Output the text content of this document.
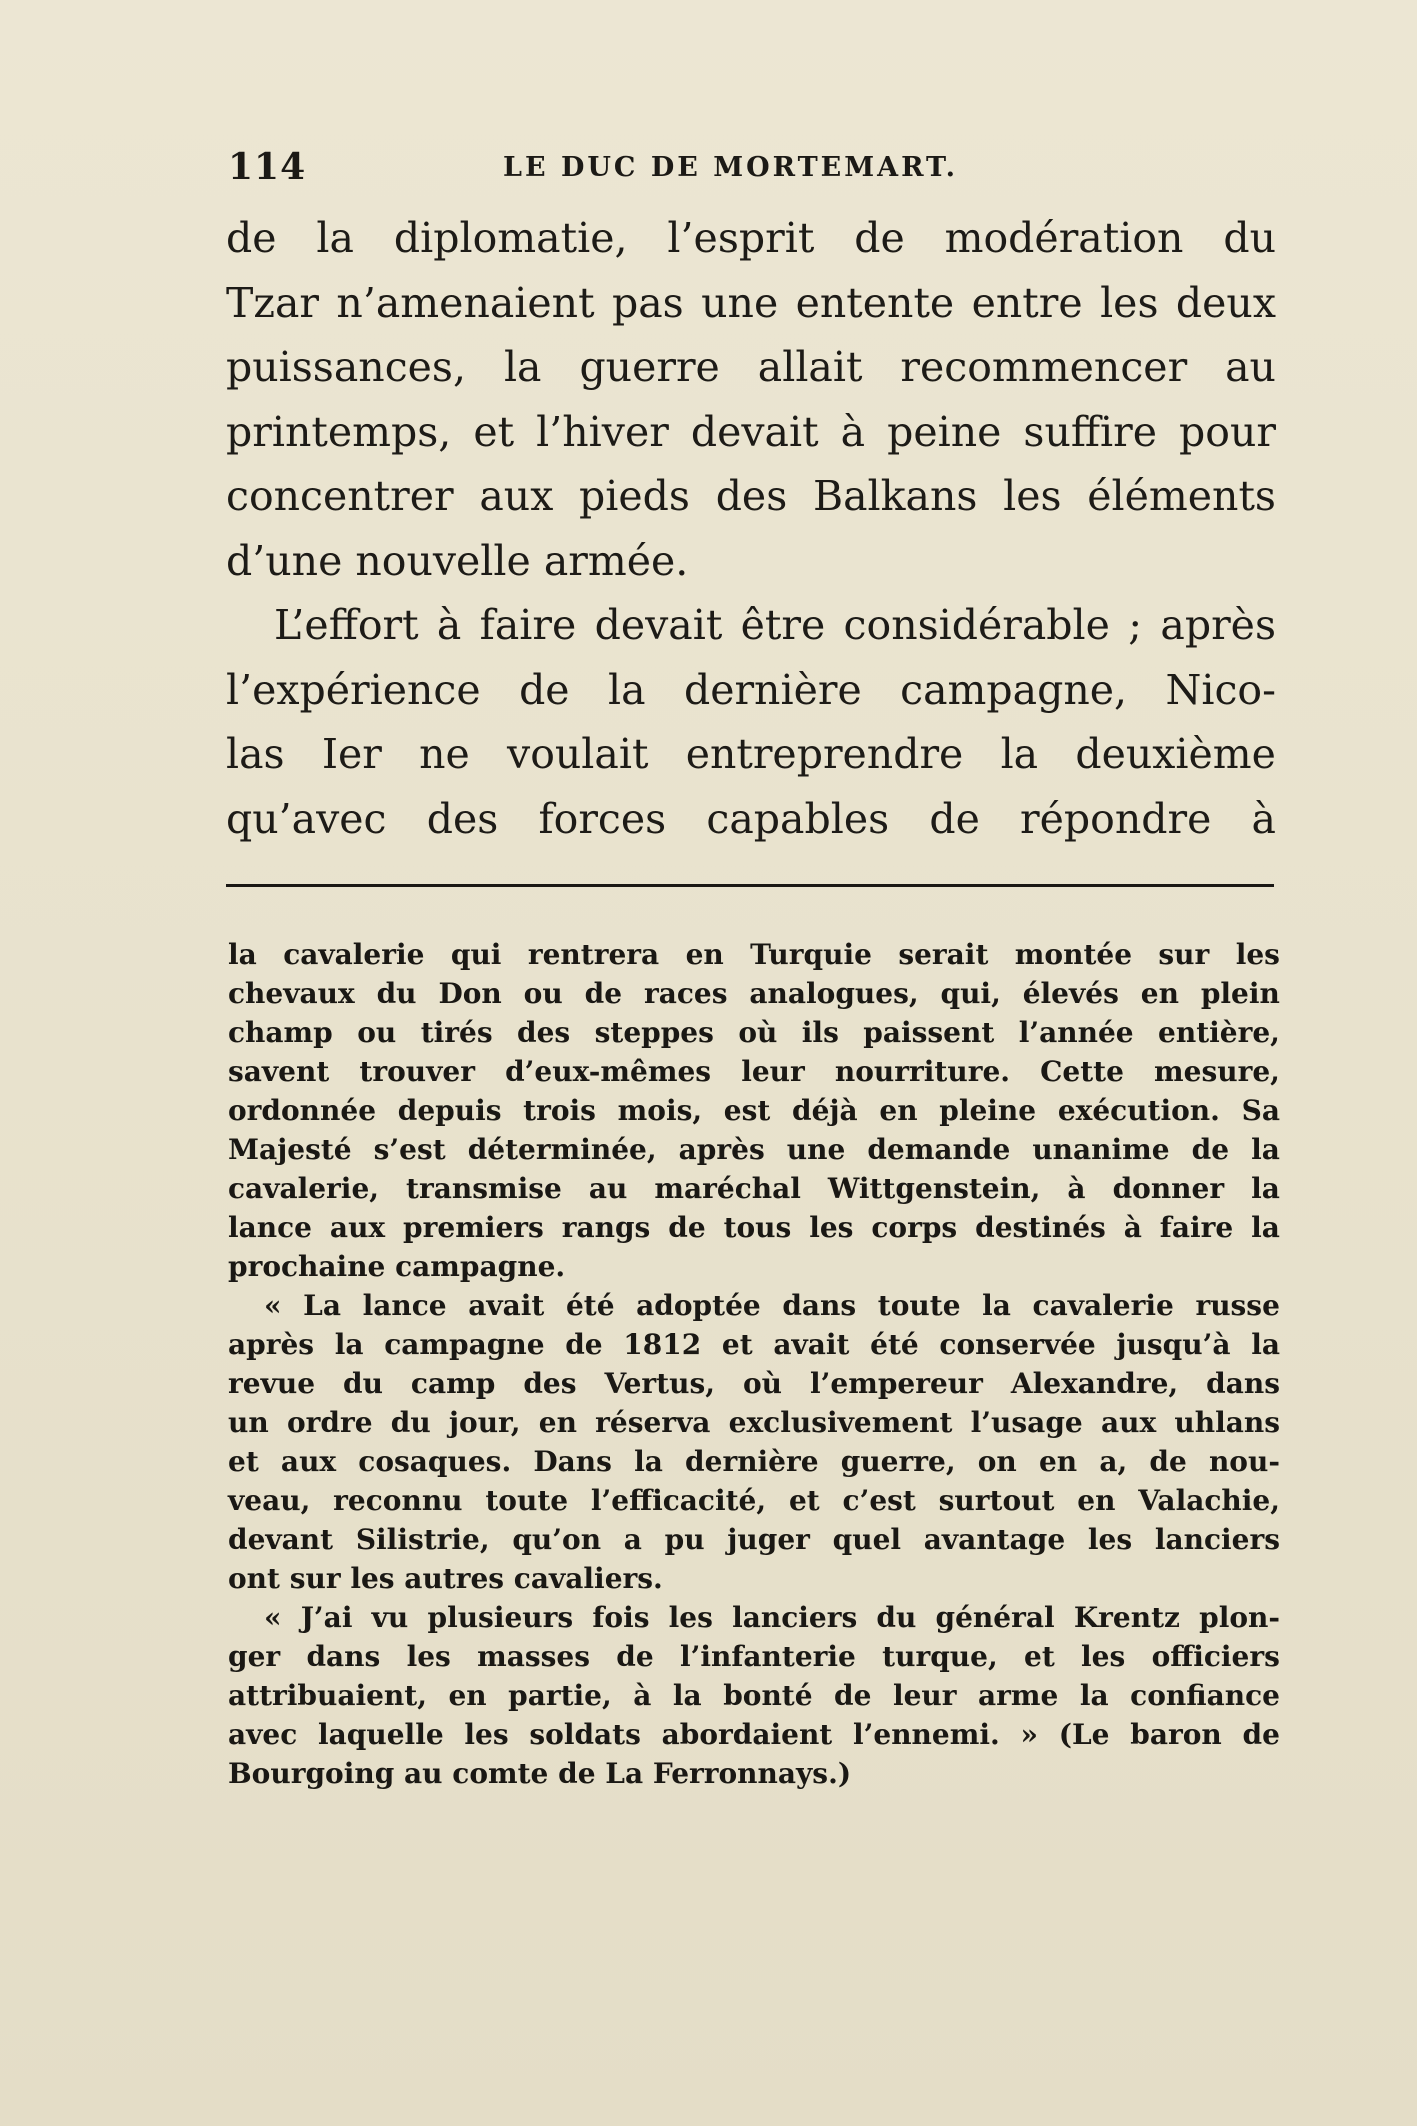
114	LE DUC DE MORTEMART.
de la diplomatie, l’esprit de modération du
Tzar n’amenaient pas une entente entre les deux
puissances, la guerre allait recommencer au
printemps, et l’hiver devait à peine suffire pour
concentrer aux pieds des Balkans les éléments
d’une nouvelle armée.
L’effort à faire devait être considérable ; après
l’expérience de la dernière campagne, Nico-
las Ier ne voulait entreprendre la deuxième
qu’avec des forces capables de répondre à
la cavalerie qui rentrera en Turquie serait montée sur les
chevaux du Don ou de races analogues, qui, élevés en plein
champ ou tirés des steppes où ils paissent l’année entière,
savent trouver d’eux-mêmes leur nourriture. Cette mesure,
ordonnée depuis trois mois, est déjà en pleine exécution. Sa
Majesté s’est déterminée, après une demande unanime de la
cavalerie, transmise au maréchal Wittgenstein, à donner la
lance aux premiers rangs de tous les corps destinés à faire la
prochaine campagne.
« La lance avait été adoptée dans toute la cavalerie russe
après la campagne de 1812 et avait été conservée jusqu’à la
revue du camp des Vertus, où l’empereur Alexandre, dans
un ordre du jour, en réserva exclusivement l’usage aux uhlans
et aux cosaques. Dans la dernière guerre, on en a, de nou-
veau, reconnu toute l’efficacité, et c’est surtout en Valachie,
devant Silistrie, qu’on a pu juger quel avantage les lanciers
ont sur les autres cavaliers.
« J’ai vu plusieurs fois les lanciers du général Krentz plon-
ger dans les masses de l’infanterie turque, et les officiers
attribuaient, en partie, à la bonté de leur arme la confiance
avec laquelle les soldats abordaient l’ennemi. » (Le baron de
Bourgoing au comte de La Ferronnays.)
